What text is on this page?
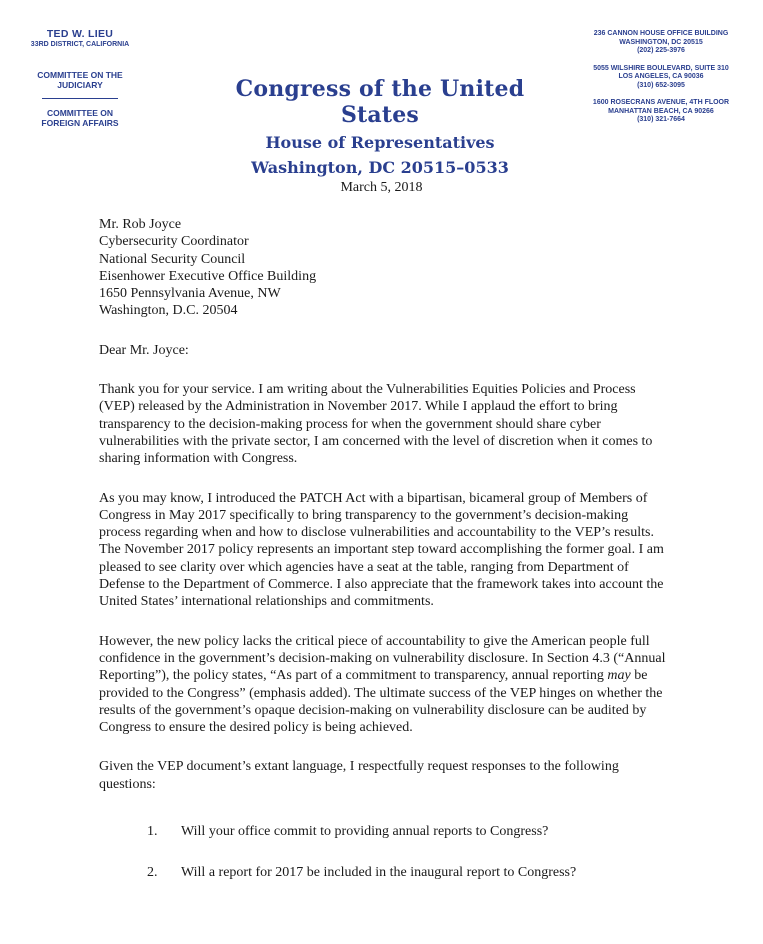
TED W. LIEU
33RD DISTRICT, CALIFORNIA
COMMITTEE ON THE JUDICIARY
COMMITTEE ON FOREIGN AFFAIRS
Congress of the United States
House of Representatives
Washington, DC 20515–0533
236 CANNON HOUSE OFFICE BUILDING
WASHINGTON, DC 20515
(202) 225-3976
5055 WILSHIRE BOULEVARD, SUITE 310
LOS ANGELES, CA 90036
(310) 652-3095
1600 ROSECRANS AVENUE, 4TH FLOOR
MANHATTAN BEACH, CA 90266
(310) 321-7664
March 5, 2018
Mr. Rob Joyce
Cybersecurity Coordinator
National Security Council
Eisenhower Executive Office Building
1650 Pennsylvania Avenue, NW
Washington, D.C. 20504
Dear Mr. Joyce:
Thank you for your service. I am writing about the Vulnerabilities Equities Policies and Process (VEP) released by the Administration in November 2017. While I applaud the effort to bring transparency to the decision-making process for when the government should share cyber vulnerabilities with the private sector, I am concerned with the level of discretion when it comes to sharing information with Congress.
As you may know, I introduced the PATCH Act with a bipartisan, bicameral group of Members of Congress in May 2017 specifically to bring transparency to the government’s decision-making process regarding when and how to disclose vulnerabilities and accountability to the VEP’s results. The November 2017 policy represents an important step toward accomplishing the former goal. I am pleased to see clarity over which agencies have a seat at the table, ranging from Department of Defense to the Department of Commerce. I also appreciate that the framework takes into account the United States’ international relationships and commitments.
However, the new policy lacks the critical piece of accountability to give the American people full confidence in the government’s decision-making on vulnerability disclosure. In Section 4.3 (“Annual Reporting”), the policy states, “As part of a commitment to transparency, annual reporting may be provided to the Congress” (emphasis added). The ultimate success of the VEP hinges on whether the results of the government’s opaque decision-making on vulnerability disclosure can be audited by Congress to ensure the desired policy is being achieved.
Given the VEP document’s extant language, I respectfully request responses to the following questions:
1.	Will your office commit to providing annual reports to Congress?
2.	Will a report for 2017 be included in the inaugural report to Congress?
